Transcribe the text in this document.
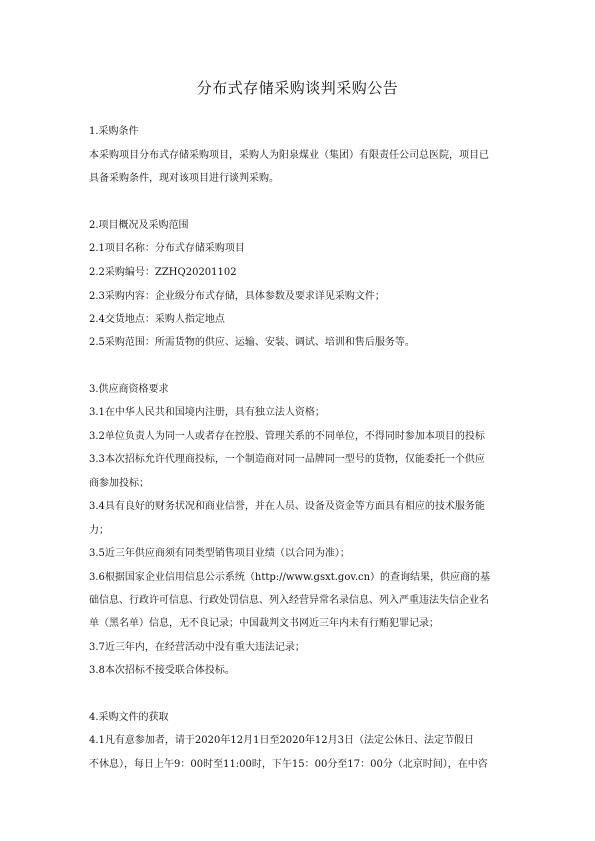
分布式存储采购谈判采购公告
1.采购条件
本采购项目分布式存储采购项目，采购人为阳泉煤业（集团）有限责任公司总医院，项目已
具备采购条件，现对该项目进行谈判采购。
2.项目概况及采购范围
2.1项目名称：分布式存储采购项目
2.2采购编号：ZZHQ20201102
2.3采购内容：企业级分布式存储，具体参数及要求详见采购文件；
2.4交货地点：采购人指定地点
2.5采购范围：所需货物的供应、运输、安装、调试、培训和售后服务等。
3.供应商资格要求
3.1在中华人民共和国境内注册，具有独立法人资格；
3.2单位负责人为同一人或者存在控股、管理关系的不同单位，不得同时参加本项目的投标
3.3本次招标允许代理商投标，一个制造商对同一品牌同一型号的货物，仅能委托一个供应
商参加投标；
3.4具有良好的财务状况和商业信誉，并在人员、设备及资金等方面具有相应的技术服务能
力；
3.5近三年供应商须有同类型销售项目业绩（以合同为准）；
3.6根据国家企业信用信息公示系统（http://www.gsxt.gov.cn）的查询结果，供应商的基
础信息、行政许可信息、行政处罚信息、列入经营异常名录信息、列入严重违法失信企业名
单（黑名单）信息，无不良记录；中国裁判文书网近三年内未有行贿犯罪记录；
3.7近三年内，在经营活动中没有重大违法记录；
3.8本次招标不接受联合体投标。
4.采购文件的获取
4.1凡有意参加者，请于2020年12月1日至2020年12月3日（法定公休日、法定节假日
不休息），每日上午9：00时至11:00时，下午15：00分至17：00分（北京时间），在中咨
